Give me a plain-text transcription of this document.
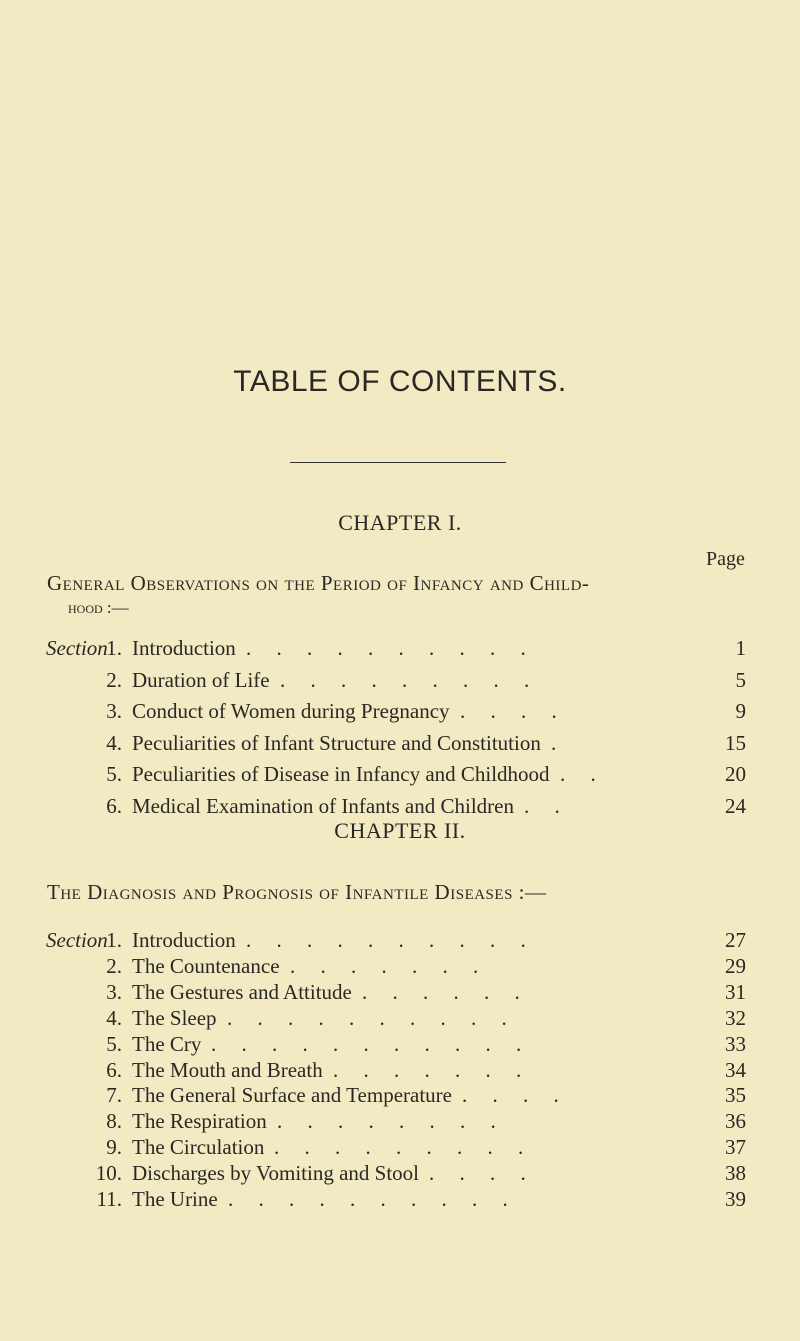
TABLE OF CONTENTS.
CHAPTER I.
Page
General Observations on the Period of Infancy and Child-
hood :—
Section
1. Introduction . . . . . . . . . .	1
2. Duration of Life . . . . . . . . .	5
3. Conduct of Women during Pregnancy . . . .	9
4. Peculiarities of Infant Structure and Constitution .	15
5. Peculiarities of Disease in Infancy and Childhood . .	20
6. Medical Examination of Infants and Children . .	24
CHAPTER II.
The Diagnosis and Prognosis of Infantile Diseases :—
Section
1. Introduction . . . . . . . . . .	27
2. The Countenance . . . . . . .	29
3. The Gestures and Attitude . . . . . .	31
4. The Sleep . . . . . . . . . .	32
5. The Cry . . . . . . . . . . .	33
6. The Mouth and Breath . . . . . . .	34
7. The General Surface and Temperature . . . .	35
8. The Respiration . . . . . . . .	36
9. The Circulation . . . . . . . . .	37
10. Discharges by Vomiting and Stool . . . .	38
11. The Urine . . . . . . . . . .	39
